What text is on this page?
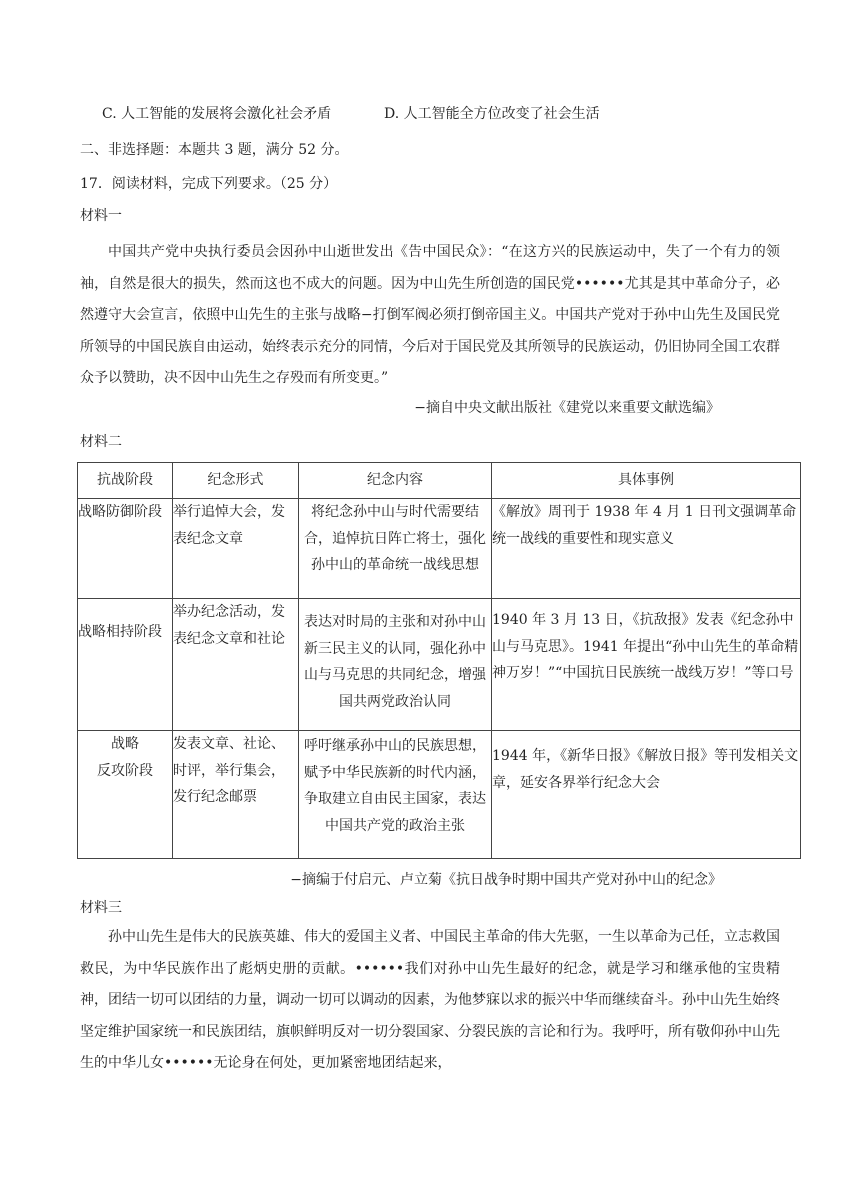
C. 人工智能的发展将会激化社会矛盾	D. 人工智能全方位改变了社会生活
二、非选择题：本题共 3 题，满分 52 分。
17．阅读材料，完成下列要求。（25 分）
材料一

中国共产党中央执行委员会因孙中山逝世发出《告中国民众》：“在这方兴的民族运动中，失了一个有力的领袖，自然是很大的损失，然而这也不成大的问题。因为中山先生所创造的国民党••••••尤其是其中革命分子，必然遵守大会宣言，依照中山先生的主张与战略−打倒军阀必须打倒帝国主义。中国共产党对于孙中山先生及国民党所领导的中国民族自由运动，始终表示充分的同情，今后对于国民党及其所领导的民族运动，仍旧协同全国工农群众予以赞助，决不因中山先生之存殁而有所变更。”

−摘自中央文献出版社《建党以来重要文献选编》
材料二
抗战阶段	纪念形式	纪念内容	具体事例
战略防御阶段	举行追悼大会，发表纪念文章	将纪念孙中山与时代需要结合，追悼抗日阵亡将士，强化孙中山的革命统一战线思想	《解放》周刊于 1938 年 4 月 1 日刊文强调革命统一战线的重要性和现实意义
战略相持阶段	举办纪念活动，发表纪念文章和社论	表达对时局的主张和对孙中山新三民主义的认同，强化孙中山与马克思的共同纪念，增强国共两党政治认同	1940 年 3 月 13 日，《抗敌报》发表《纪念孙中山与马克思》。1941 年提出“孙中山先生的革命精神万岁！”“中国抗日民族统一战线万岁！”等口号

战略
反攻阶段	发表文章、社论、时评，举行集会，发行纪念邮票	呼吁继承孙中山的民族思想，赋予中华民族新的时代内涵，争取建立自由民主国家，表达中国共产党的政治主张	1944 年，《新华日报》《解放日报》等刊发相关文章，延安各界举行纪念大会
−摘编于付启元、卢立菊《抗日战争时期中国共产党对孙中山的纪念》
材料三

孙中山先生是伟大的民族英雄、伟大的爱国主义者、中国民主革命的伟大先驱，一生以革命为己任，立志救国救民，为中华民族作出了彪炳史册的贡献。••••••我们对孙中山先生最好的纪念，就是学习和继承他的宝贵精神，团结一切可以团结的力量，调动一切可以调动的因素，为他梦寐以求的振兴中华而继续奋斗。孙中山先生始终坚定维护国家统一和民族团结，旗帜鲜明反对一切分裂国家、分裂民族的言论和行为。我呼吁，所有敬仰孙中山先生的中华儿女••••••无论身在何处，更加紧密地团结起来，
